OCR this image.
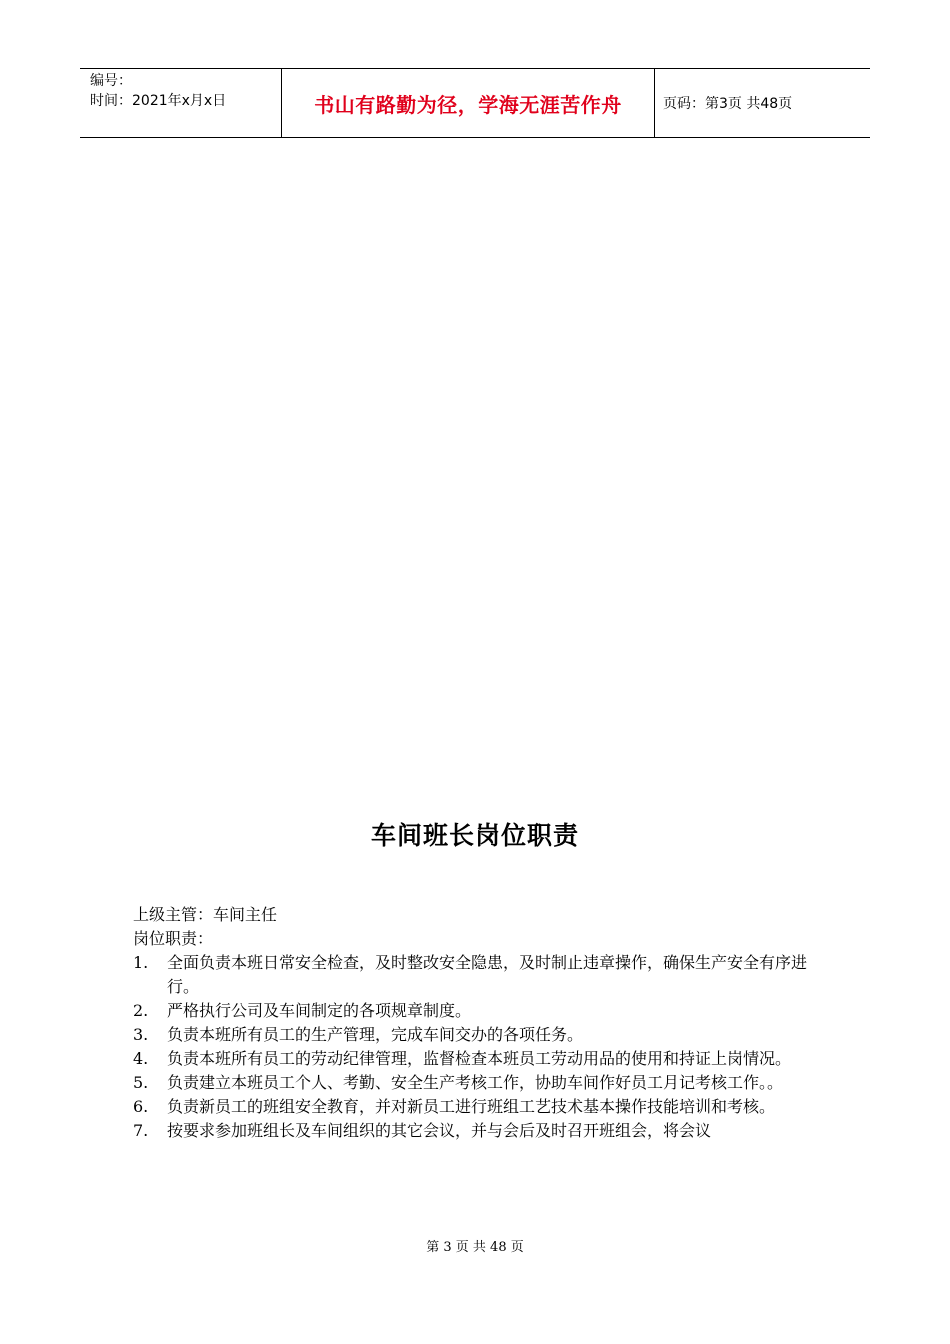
编号：
时间：2021年x月x日	书山有路勤为径，学海无涯苦作舟	页码：第3页 共48页
车间班长岗位职责
上级主管：车间主任
岗位职责：
1.	全面负责本班日常安全检查，及时整改安全隐患，及时制止违章操作，确保生产安全有序进行。
2.	严格执行公司及车间制定的各项规章制度。
3.	负责本班所有员工的生产管理，完成车间交办的各项任务。
4.	负责本班所有员工的劳动纪律管理，监督检查本班员工劳动用品的使用和持证上岗情况。
5.	负责建立本班员工个人、考勤、安全生产考核工作，协助车间作好员工月记考核工作。。
6.	负责新员工的班组安全教育，并对新员工进行班组工艺技术基本操作技能培训和考核。
7.	按要求参加班组长及车间组织的其它会议，并与会后及时召开班组会，将会议
第 3 页 共 48 页
